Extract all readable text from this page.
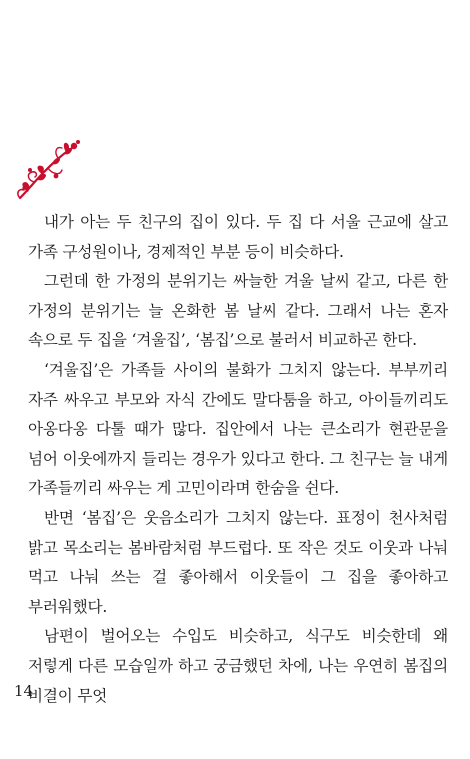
내가 아는 두 친구의 집이 있다. 두 집 다 서울 근교에 살고 가족 구성원이나, 경제적인 부분 등이 비슷하다.

그런데 한 가정의 분위기는 싸늘한 겨울 날씨 같고, 다른 한 가정의 분위기는 늘 온화한 봄 날씨 같다. 그래서 나는 혼자 속으로 두 집을 ‘겨울집’, ‘봄집’으로 불러서 비교하곤 한다.

‘겨울집’은 가족들 사이의 불화가 그치지 않는다. 부부끼리 자주 싸우고 부모와 자식 간에도 말다툼을 하고, 아이들끼리도 아옹다옹 다툴 때가 많다. 집안에서 나는 큰소리가 현관문을 넘어 이웃에까지 들리는 경우가 있다고 한다. 그 친구는 늘 내게 가족들끼리 싸우는 게 고민이라며 한숨을 쉰다.

반면 ‘봄집’은 웃음소리가 그치지 않는다. 표정이 천사처럼 밝고 목소리는 봄바람처럼 부드럽다. 또 작은 것도 이웃과 나눠 먹고 나눠 쓰는 걸 좋아해서 이웃들이 그 집을 좋아하고 부러워했다.

남편이 벌어오는 수입도 비슷하고, 식구도 비슷한데 왜 저렇게 다른 모습일까 하고 궁금했던 차에, 나는 우연히 봄집의 비결이 무엇

14
